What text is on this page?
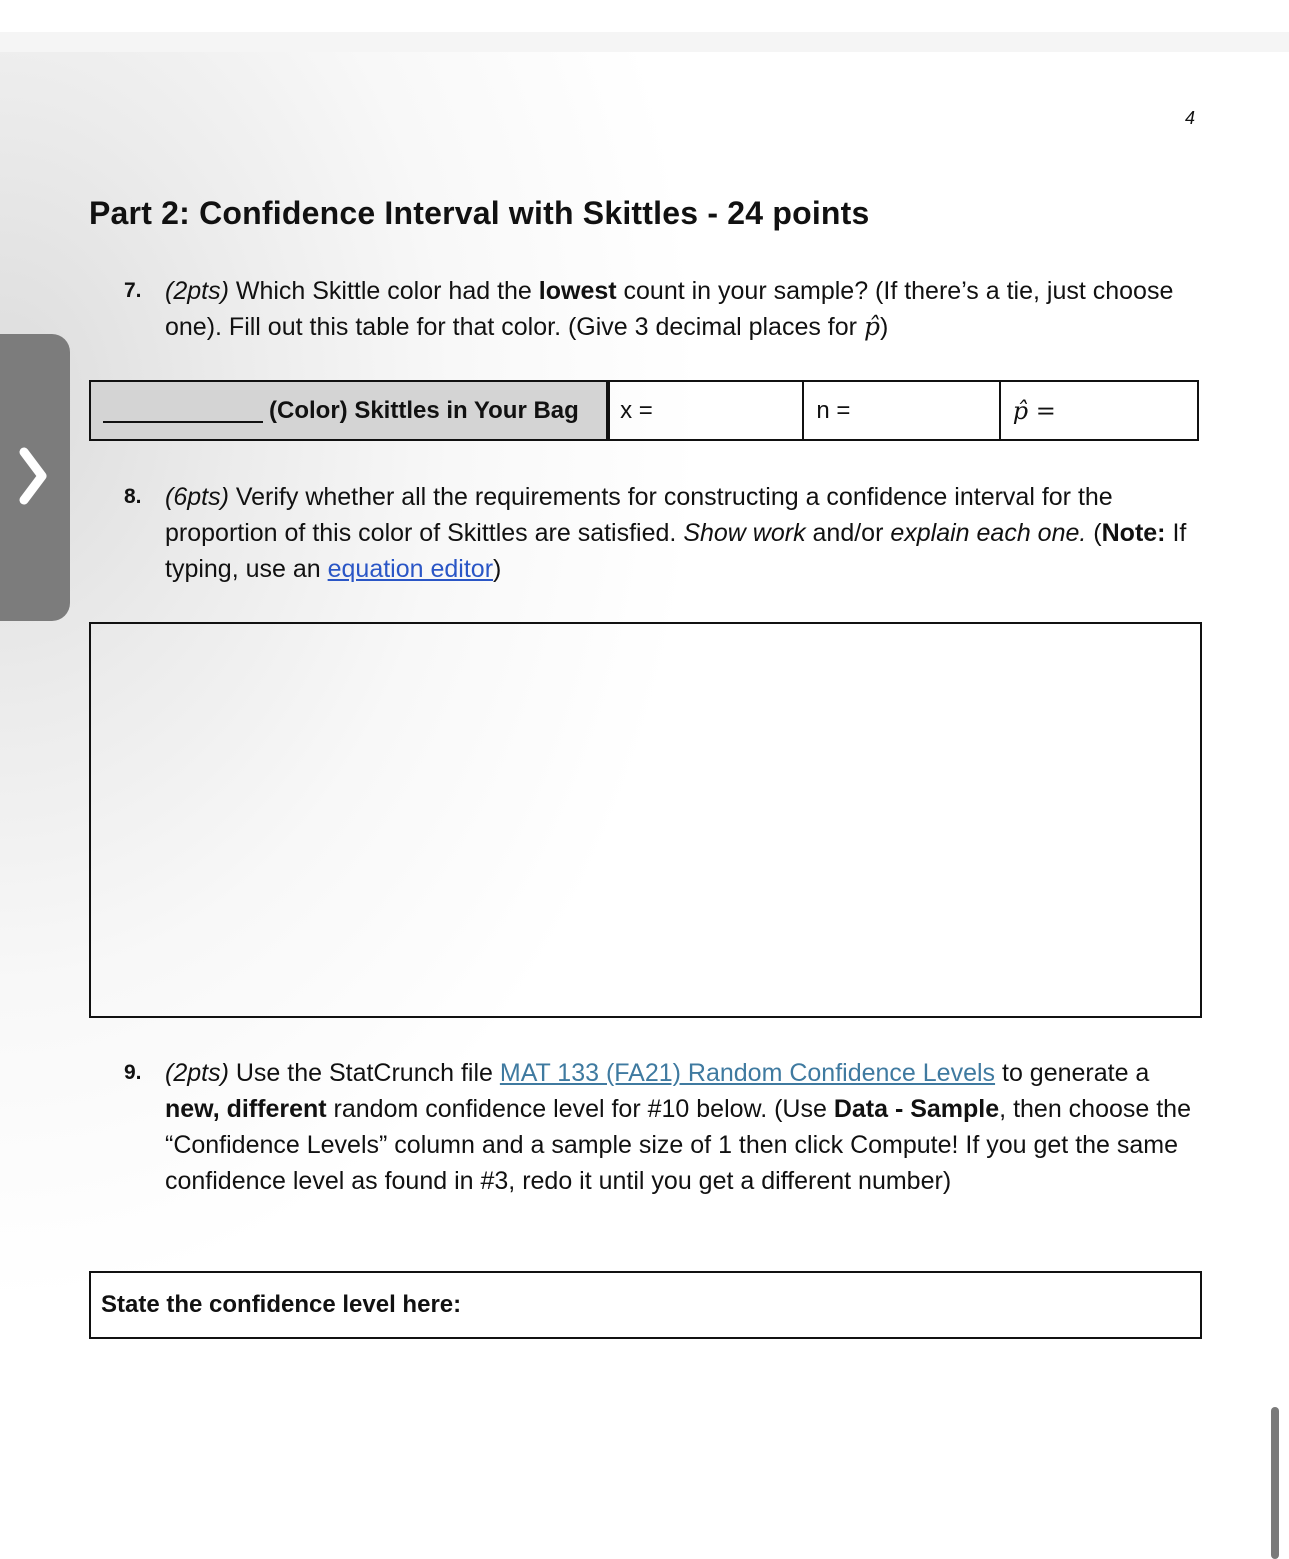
4
Part 2: Confidence Interval with Skittles - 24 points
7. (2pts) Which Skittle color had the lowest count in your sample? (If there’s a tie, just choose one). Fill out this table for that color. (Give 3 decimal places for p̂)
(Color) Skittles in Your Bag	x =	n =	p̂ =
8. (6pts) Verify whether all the requirements for constructing a confidence interval for the proportion of this color of Skittles are satisfied. Show work and/or explain each one. (Note: If typing, use an equation editor)
9. (2pts) Use the StatCrunch file MAT 133 (FA21) Random Confidence Levels to generate a new, different random confidence level for #10 below. (Use Data - Sample, then choose the “Confidence Levels” column and a sample size of 1 then click Compute! If you get the same confidence level as found in #3, redo it until you get a different number)
State the confidence level here:
